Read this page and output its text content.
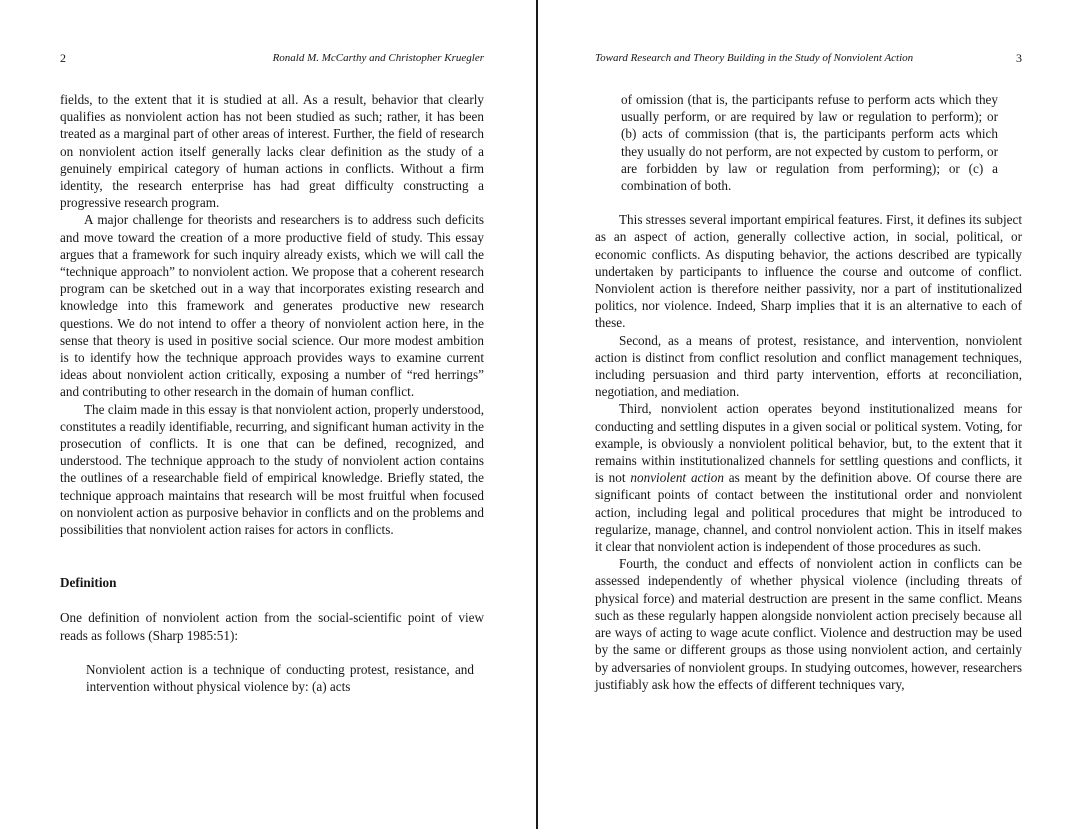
2	Ronald M. McCarthy and Christopher Kruegler

fields, to the extent that it is studied at all. As a result, behavior that clearly qualifies as nonviolent action has not been studied as such; rather, it has been treated as a marginal part of other areas of interest. Further, the field of research on nonviolent action itself generally lacks clear definition as the study of a genuinely empirical category of human actions in conflicts. Without a firm identity, the research enterprise has had great difficulty constructing a progressive research program.

A major challenge for theorists and researchers is to address such deficits and move toward the creation of a more productive field of study. This essay argues that a framework for such inquiry already exists, which we will call the “technique approach” to nonviolent action. We propose that a coherent research program can be sketched out in a way that incorporates existing research and knowledge into this framework and generates productive new research questions. We do not intend to offer a theory of nonviolent action here, in the sense that theory is used in positive social science. Our more modest ambition is to identify how the technique approach provides ways to examine current ideas about nonviolent action critically, exposing a number of “red herrings” and contributing to other research in the domain of human conflict.

The claim made in this essay is that nonviolent action, properly understood, constitutes a readily identifiable, recurring, and significant human activity in the prosecution of conflicts. It is one that can be defined, recognized, and understood. The technique approach to the study of nonviolent action contains the outlines of a researchable field of empirical knowledge. Briefly stated, the technique approach maintains that research will be most fruitful when focused on nonviolent action as purposive behavior in conflicts and on the problems and possibilities that nonviolent action raises for actors in conflicts.

Definition

One definition of nonviolent action from the social-scientific point of view reads as follows (Sharp 1985:51):

Nonviolent action is a technique of conducting protest, resistance, and intervention without physical violence by: (a) acts

Toward Research and Theory Building in the Study of Nonviolent Action	3

of omission (that is, the participants refuse to perform acts which they usually perform, or are required by law or regulation to perform); or (b) acts of commission (that is, the participants perform acts which they usually do not perform, are not expected by custom to perform, or are forbidden by law or regulation from performing); or (c) a combination of both.

This stresses several important empirical features. First, it defines its subject as an aspect of action, generally collective action, in social, political, or economic conflicts. As disputing behavior, the actions described are typically undertaken by participants to influence the course and outcome of conflict. Nonviolent action is therefore neither passivity, nor a part of institutionalized politics, nor violence. Indeed, Sharp implies that it is an alternative to each of these.

Second, as a means of protest, resistance, and intervention, nonviolent action is distinct from conflict resolution and conflict management techniques, including persuasion and third party intervention, efforts at reconciliation, negotiation, and mediation.

Third, nonviolent action operates beyond institutionalized means for conducting and settling disputes in a given social or political system. Voting, for example, is obviously a nonviolent political behavior, but, to the extent that it remains within institutionalized channels for settling questions and conflicts, it is not nonviolent action as meant by the definition above. Of course there are significant points of contact between the institutional order and nonviolent action, including legal and political procedures that might be introduced to regularize, manage, channel, and control nonviolent action. This in itself makes it clear that nonviolent action is independent of those procedures as such.

Fourth, the conduct and effects of nonviolent action in conflicts can be assessed independently of whether physical violence (including threats of physical force) and material destruction are present in the same conflict. Means such as these regularly happen alongside nonviolent action precisely because all are ways of acting to wage acute conflict. Violence and destruction may be used by the same or different groups as those using nonviolent action, and certainly by adversaries of nonviolent groups. In studying outcomes, however, researchers justifiably ask how the effects of different techniques vary,
